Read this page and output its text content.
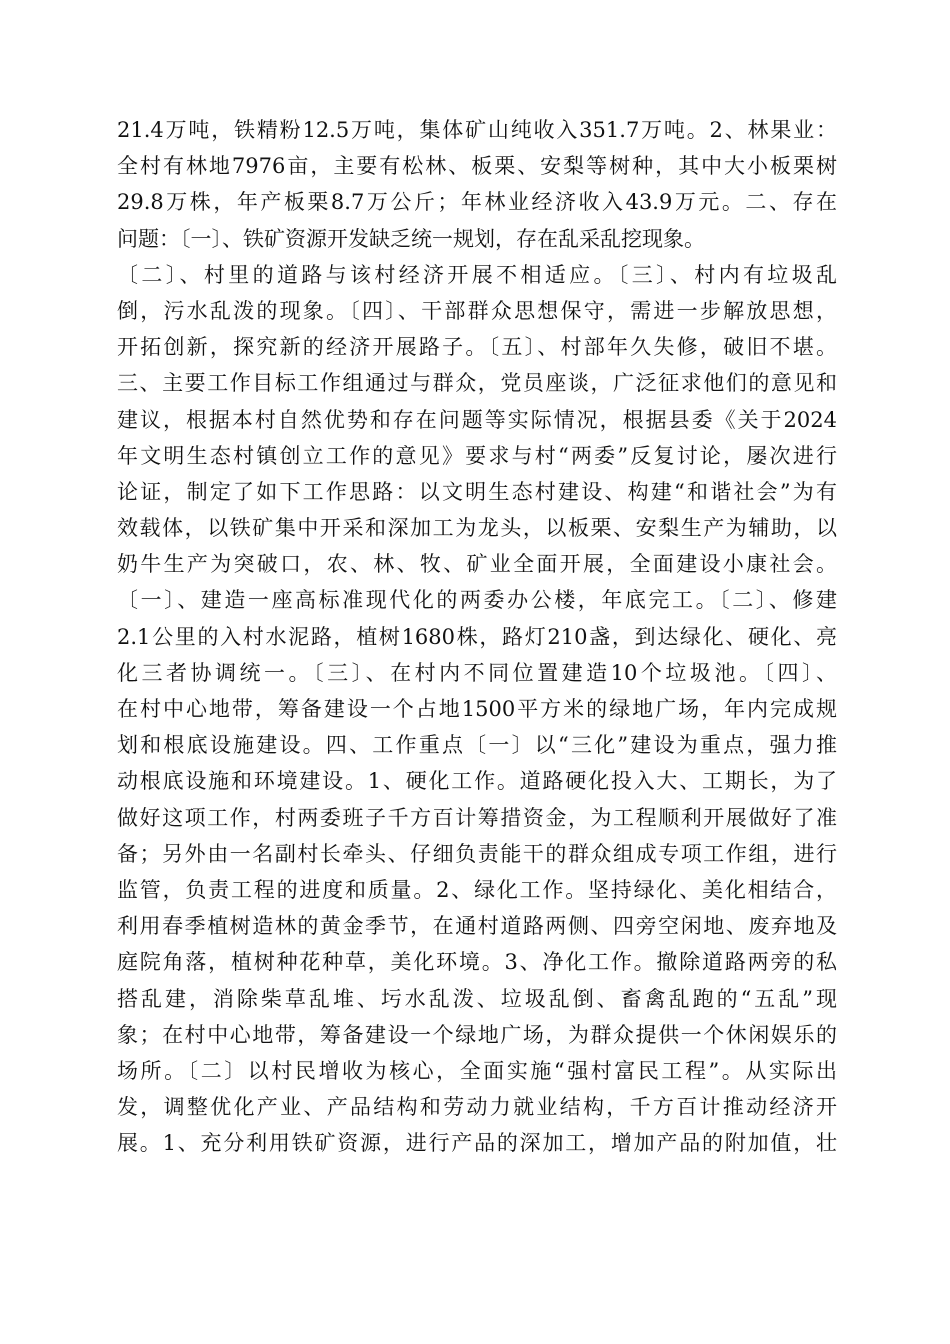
21.4万吨，铁精粉12.5万吨，集体矿山纯收入351.7万吨。2、林果业：
全村有林地7976亩，主要有松林、板栗、安梨等树种，其中大小板栗树
29.8万株，年产板栗8.7万公斤；年林业经济收入43.9万元。二、存在
问题：〔一〕、铁矿资源开发缺乏统一规划，存在乱采乱挖现象。
〔二〕、村里的道路与该村经济开展不相适应。〔三〕、村内有垃圾乱
倒，污水乱泼的现象。〔四〕、干部群众思想保守，需进一步解放思想，
开拓创新，探究新的经济开展路子。〔五〕、村部年久失修，破旧不堪。
三、主要工作目标工作组通过与群众，党员座谈，广泛征求他们的意见和
建议，根据本村自然优势和存在问题等实际情况，根据县委《关于2024
年文明生态村镇创立工作的意见》要求与村“两委”反复讨论，屡次进行
论证，制定了如下工作思路：以文明生态村建设、构建“和谐社会”为有
效载体，以铁矿集中开采和深加工为龙头，以板栗、安梨生产为辅助，以
奶牛生产为突破口，农、林、牧、矿业全面开展，全面建设小康社会。
〔一〕、建造一座高标准现代化的两委办公楼，年底完工。〔二〕、修建
2.1公里的入村水泥路，植树1680株，路灯210盏，到达绿化、硬化、亮
化三者协调统一。〔三〕、在村内不同位置建造10个垃圾池。〔四〕、
在村中心地带，筹备建设一个占地1500平方米的绿地广场，年内完成规
划和根底设施建设。四、工作重点〔一〕以“三化”建设为重点，强力推
动根底设施和环境建设。1、硬化工作。道路硬化投入大、工期长，为了
做好这项工作，村两委班子千方百计筹措资金，为工程顺利开展做好了准
备；另外由一名副村长牵头、仔细负责能干的群众组成专项工作组，进行
监管，负责工程的进度和质量。2、绿化工作。坚持绿化、美化相结合，
利用春季植树造林的黄金季节，在通村道路两侧、四旁空闲地、废弃地及
庭院角落，植树种花种草，美化环境。3、净化工作。撤除道路两旁的私
搭乱建，消除柴草乱堆、圬水乱泼、垃圾乱倒、畜禽乱跑的“五乱”现
象；在村中心地带，筹备建设一个绿地广场，为群众提供一个休闲娱乐的
场所。〔二〕以村民增收为核心，全面实施“强村富民工程”。从实际出
发，调整优化产业、产品结构和劳动力就业结构，千方百计推动经济开
展。1、充分利用铁矿资源，进行产品的深加工，增加产品的附加值，壮
